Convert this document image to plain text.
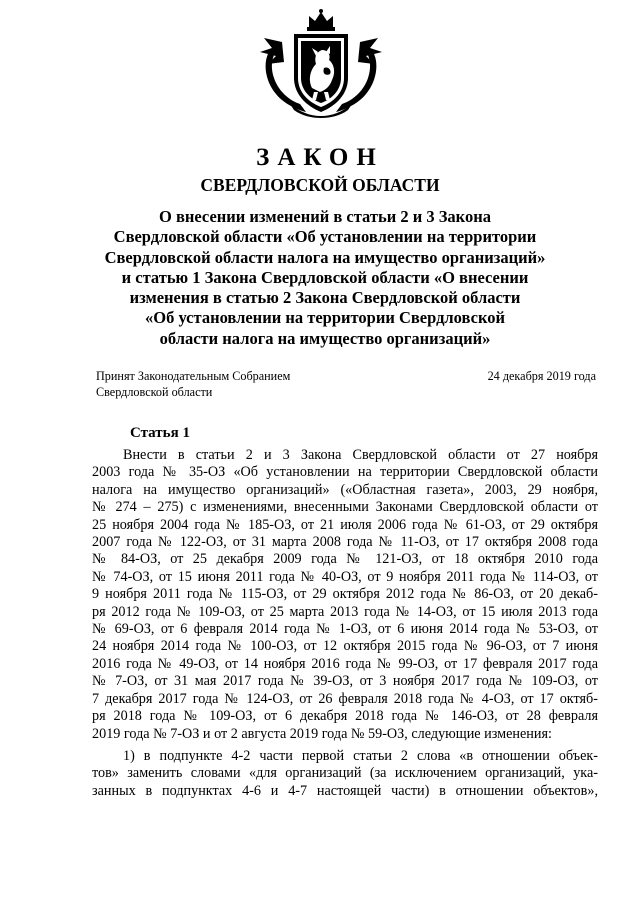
ЗАКОН
СВЕРДЛОВСКОЙ ОБЛАСТИ
О внесении изменений в статьи 2 и 3 Закона
Свердловской области «Об установлении на территории
Свердловской области налога на имущество организаций»
и статью 1 Закона Свердловской области «О внесении
изменения в статью 2 Закона Свердловской области
«Об установлении на территории Свердловской
области налога на имущество организаций»
Принят Законодательным Собранием
Свердловской области
24 декабря 2019 года
Статья 1
Внести в статьи 2 и 3 Закона Свердловской области от 27 ноября
2003 года № 35-ОЗ «Об установлении на территории Свердловской области
налога на имущество организаций» («Областная газета», 2003, 29 ноября,
№ 274 – 275) с изменениями, внесенными Законами Свердловской области от
25 ноября 2004 года № 185-ОЗ, от 21 июля 2006 года № 61-ОЗ, от 29 октября
2007 года № 122-ОЗ, от 31 марта 2008 года № 11-ОЗ, от 17 октября 2008 года
№ 84-ОЗ, от 25 декабря 2009 года № 121-ОЗ, от 18 октября 2010 года
№ 74-ОЗ, от 15 июня 2011 года № 40-ОЗ, от 9 ноября 2011 года № 114-ОЗ, от
9 ноября 2011 года № 115-ОЗ, от 29 октября 2012 года № 86-ОЗ, от 20 декаб-
ря 2012 года № 109-ОЗ, от 25 марта 2013 года № 14-ОЗ, от 15 июля 2013 года
№ 69-ОЗ, от 6 февраля 2014 года № 1-ОЗ, от 6 июня 2014 года № 53-ОЗ, от
24 ноября 2014 года № 100-ОЗ, от 12 октября 2015 года № 96-ОЗ, от 7 июня
2016 года № 49-ОЗ, от 14 ноября 2016 года № 99-ОЗ, от 17 февраля 2017 года
№ 7-ОЗ, от 31 мая 2017 года № 39-ОЗ, от 3 ноября 2017 года № 109-ОЗ, от
7 декабря 2017 года № 124-ОЗ, от 26 февраля 2018 года № 4-ОЗ, от 17 октяб-
ря 2018 года № 109-ОЗ, от 6 декабря 2018 года № 146-ОЗ, от 28 февраля
2019 года № 7-ОЗ и от 2 августа 2019 года № 59-ОЗ, следующие изменения:
1) в подпункте 4-2 части первой статьи 2 слова «в отношении объек-
тов» заменить словами «для организаций (за исключением организаций, ука-
занных в подпунктах 4-6 и 4-7 настоящей части) в отношении объектов»,
